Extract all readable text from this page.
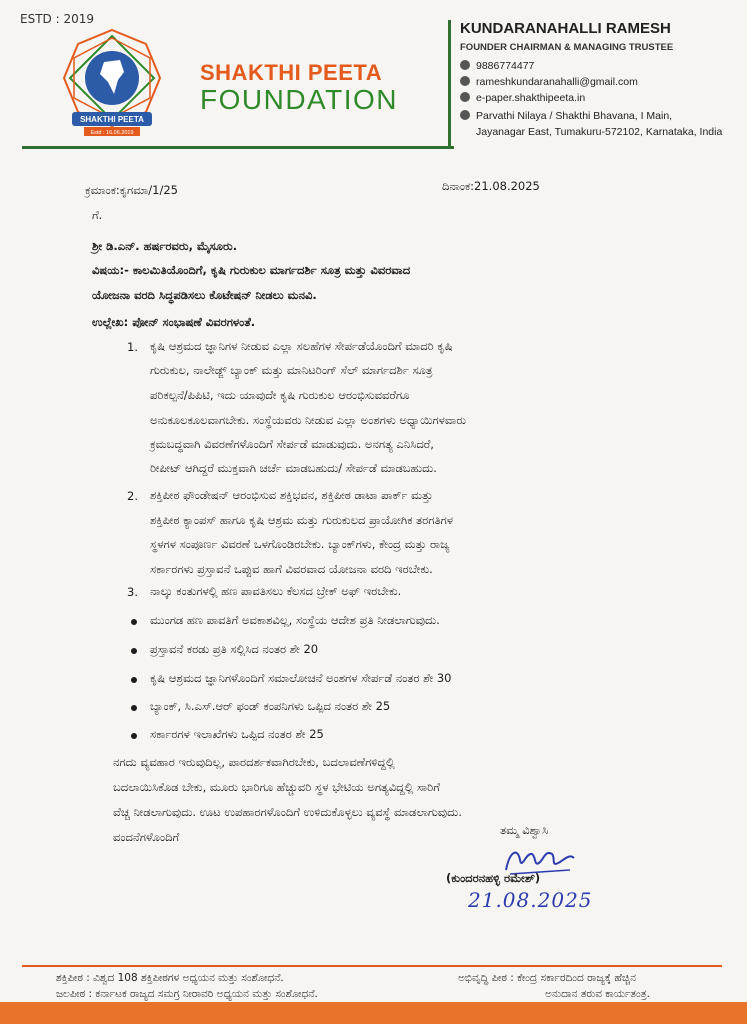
ESTD : 2019
SHAKTHI PEETA
Estd : 16.06.2019
SHAKTHI PEETA
FOUNDATION
KUNDARANAHALLI RAMESH
FOUNDER CHAIRMAN & MANAGING TRUSTEE
9886774477
rameshkundaranahalli@gmail.com
e-paper.shakthipeeta.in
Parvathi Nilaya / Shakthi Bhavana, I Main,
Jayanagar East, Tumakuru-572102, Karnataka, India
ಕ್ರಮಾಂಕ:ಕೃಗಮಾ/1/25	ದಿನಾಂಕ:21.08.2025
ಗೆ.
ಶ್ರೀ ಡಿ.ಎನ್. ಹರ್ಷರವರು, ಮೈಸೂರು.
ವಿಷಯ:- ಕಾಲಮಿತಿಯೊಂದಿಗೆ, ಕೃಷಿ ಗುರುಕುಲ ಮಾರ್ಗದರ್ಶಿ ಸೂತ್ರ ಮತ್ತು ವಿವರವಾದ
ಯೋಜನಾ ವರದಿ ಸಿದ್ಧಪಡಿಸಲು ಕೊಟೇಷನ್ ನೀಡಲು ಮನವಿ.
ಉಲ್ಲೇಖ: ಪೋನ್ ಸಂಭಾಷಣೆ ವಿವರಗಳಂತೆ.
1. ಕೃಷಿ ಆಶ್ರಮದ ಜ್ಞಾನಿಗಳ ನೀಡುವ ಎಲ್ಲಾ ಸಲಹೆಗಳ ಸೇರ್ಪಡೆಯೊಂದಿಗೆ ಮಾದರಿ ಕೃಷಿ
ಗುರುಕುಲ, ನಾಲೇಡ್ಜ್ ಬ್ಯಾಂಕ್ ಮತ್ತು ಮಾನಿಟರಿಂಗ್ ಸೆಲ್ ಮಾರ್ಗದರ್ಶಿ ಸೂತ್ರ
ಪರಿಕಲ್ಪನೆ/ಪಿಪಿಟಿ, ಇದು ಯಾವುದೇ ಕೃಷಿ ಗುರುಕುಲ ಆರಂಭಿಸುವವರೆಗೂ
ಅನುಕೂಲಕೂಲವಾಗಬೇಕು. ಸಂಸ್ಥೆಯವರು ನೀಡುವ ಎಲ್ಲಾ ಅಂಶಗಳು ಅಧ್ಯಾಯಿಗಳವಾರು
ಕ್ರಮಬದ್ಧವಾಗಿ ವಿವರಣೆಗಳೊಂದಿಗೆ ಸೇರ್ಪಡೆ ಮಾಡುವುದು. ಅನಗತ್ಯ ಎನಿಸಿದರೆ,
ರೀಪೀಟ್ ಆಗಿದ್ದರೆ ಮುಕ್ತವಾಗಿ ಚರ್ಚೆ ಮಾಡಬಹುದು/ ಸೇರ್ಪಡೆ ಮಾಡಬಹುದು.
2. ಶಕ್ತಿಪೀಠ ಫೌಂಡೇಷನ್ ಆರಂಭಿಸುವ ಶಕ್ತಿಭವನ, ಶಕ್ತಿಪೀಠ ಡಾಟಾ ಪಾರ್ಕ್ ಮತ್ತು
ಶಕ್ತಿಪೀಠ ಕ್ಯಾಂಪಸ್ ಹಾಗೂ ಕೃಷಿ ಆಶ್ರಮ ಮತ್ತು ಗುರುಕುಲದ ಪ್ರಾಯೋಗಿಕ ತರಗತಿಗಳ
ಸ್ಥಳಗಳ ಸಂಪೂರ್ಣ ವಿವರಣೆ ಒಳಗೊಂಡಿರಬೇಕು. ಬ್ಯಾಂಕ್‌ಗಳು, ಕೇಂದ್ರ ಮತ್ತು ರಾಜ್ಯ
ಸರ್ಕಾರಗಳು ಪ್ರಸ್ತಾವನೆ ಒಪ್ಪುವ ಹಾಗೆ ವಿವರವಾದ ಯೋಜನಾ ವರದಿ ಇರಬೇಕು.
3. ನಾಲ್ಕು ಕಂತುಗಳಲ್ಲಿ ಹಣ ಪಾವತಿಸಲು ಕೆಲಸದ ಬ್ರೇಕ್ ಅಫ್ ಇರಬೇಕು.
ಮುಂಗಡ ಹಣ ಪಾವತಿಗೆ ಅವಕಾಶವಿಲ್ಲ, ಸಂಸ್ಥೆಯ ಆದೇಶ ಪ್ರತಿ ನೀಡಲಾಗುವುದು.
ಪ್ರಸ್ತಾವನೆ ಕರಡು ಪ್ರತಿ ಸಲ್ಲಿಸಿದ ನಂತರ ಶೇ 20
ಕೃಷಿ ಆಶ್ರಮದ ಜ್ಞಾನಿಗಳೊಂದಿಗೆ ಸಮಾಲೋಚನೆ ಅಂಶಗಳ ಸೇರ್ಪಡೆ ನಂತರ ಶೇ 30
ಬ್ಯಾಂಕ್, ಸಿ.ಎಸ್.ಆರ್ ಫಂಡ್ ಕಂಪನಿಗಳು ಒಪ್ಪಿದ ನಂತರ ಶೇ 25
ಸರ್ಕಾರಗಳ ಇಲಾಖೆಗಳು ಒಪ್ಪಿದ ನಂತರ ಶೇ 25
ನಗದು ವ್ಯವಹಾರ ಇರುವುದಿಲ್ಲ, ಪಾರದರ್ಶಕವಾಗಿರಬೇಕು, ಬದಲಾವಣೆಗಳಿದ್ದಲ್ಲಿ
ಬದಲಾಯಿಸಿಕೊಡ ಬೇಕು, ಮೂರು ಭಾರಿಗೂ ಹೆಚ್ಚುವರಿ ಸ್ಥಳ ಭೇಟಿಯ ಅಗತ್ಯವಿದ್ದಲ್ಲಿ ಸಾರಿಗೆ
ವೆಚ್ಚ ನೀಡಲಾಗುವುದು. ಊಟ ಉಪಹಾರಗಳೊಂದಿಗೆ ಉಳಿದುಕೊಳ್ಳಲು ವ್ಯವಸ್ಥೆ ಮಾಡಲಾಗುವುದು.
ವಂದನೆಗಳೊಂದಿಗೆ	ತಮ್ಮ ವಿಶ್ವಾಸಿ
(ಕುಂದರನಹಳ್ಳಿ ರಮೇಶ್)
21.08.2025
ಶಕ್ತಿಪೀಠ : ವಿಶ್ವದ 108 ಶಕ್ತಿಪೀಠಗಳ ಅಧ್ಯಯನ ಮತ್ತು ಸಂಶೋಧನೆ.
ಜಲಪೀಠ : ಕರ್ನಾಟಕ ರಾಜ್ಯದ ಸಮಗ್ರ ನೀರಾವರಿ ಅಧ್ಯಯನ ಮತ್ತು ಸಂಶೋಧನೆ.
ಅಭಿವೃದ್ಧಿ ಪೀಠ : ಕೇಂದ್ರ ಸರ್ಕಾರದಿಂದ ರಾಜ್ಯಕ್ಕೆ ಹೆಚ್ಚಿನ
ಅನುದಾನ ತರುವ ಕಾರ್ಯತಂತ್ರ.
